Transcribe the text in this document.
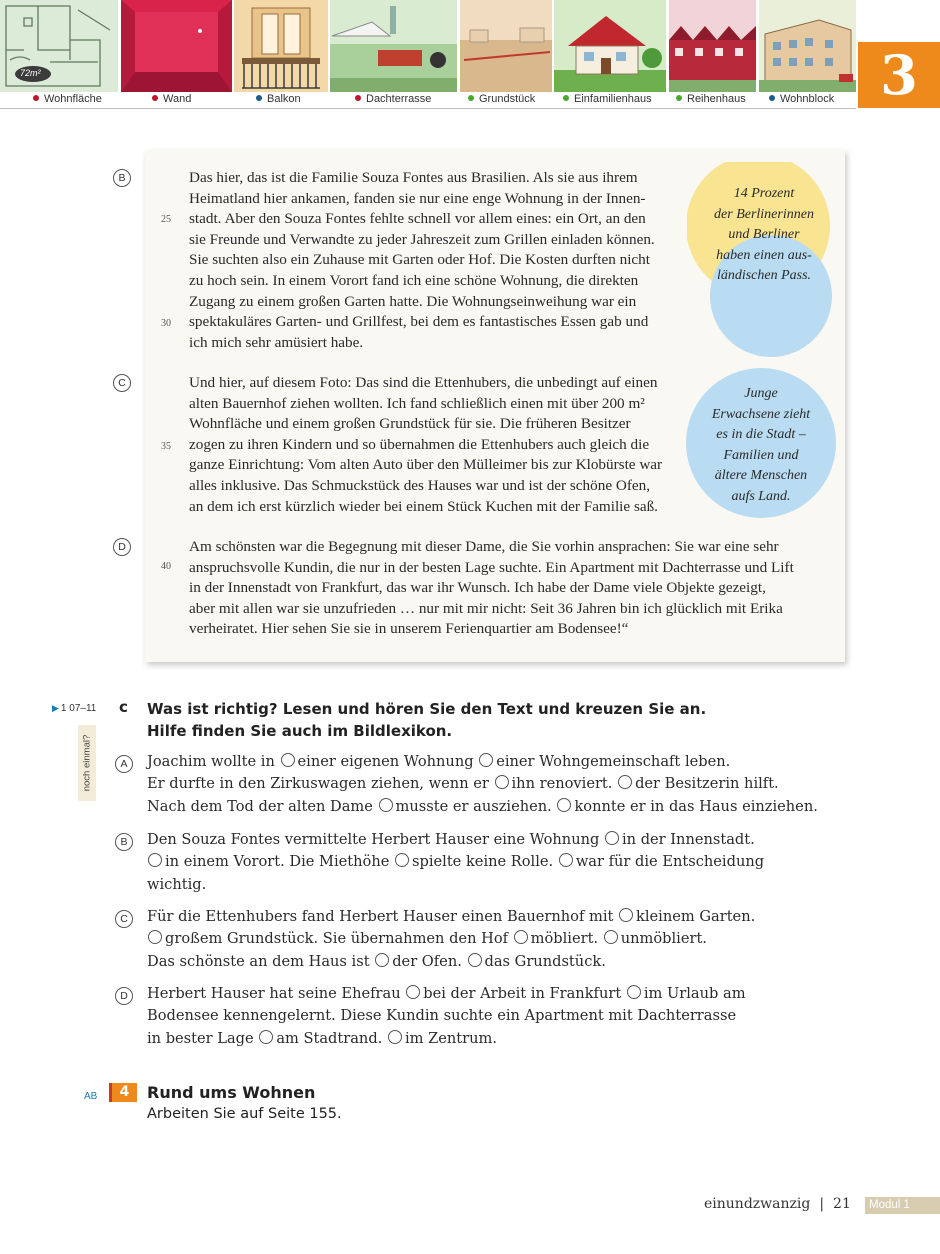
72m²
Wohnfläche	Wand	Balkon	Dachterrasse	Grundstück	Einfamilienhaus	Reihenhaus	Wohnblock 3
B
C
D
14 Prozent
der Berlinerinnen
und Berliner
haben einen aus-
ländischen Pass.
Junge
Erwachsene zieht
es in die Stadt –
Familien und
ältere Menschen
aufs Land.
25
30
35
40

Das hier, das ist die Familie Souza Fontes aus Brasilien. Als sie aus ihrem

Heimatland hier ankamen, fanden sie nur eine enge Wohnung in der Innen-

stadt. Aber den Souza Fontes fehlte schnell vor allem eines: ein Ort, an den

sie Freunde und Verwandte zu jeder Jahreszeit zum Grillen einladen können.

Sie suchten also ein Zuhause mit Garten oder Hof. Die Kosten durften nicht

zu hoch sein. In einem Vorort fand ich eine schöne Wohnung, die direkten

Zugang zu einem großen Garten hatte. Die Wohnungseinweihung war ein

spektakuläres Garten- und Grillfest, bei dem es fantastisches Essen gab und

ich mich sehr amüsiert habe.

Und hier, auf diesem Foto: Das sind die Ettenhubers, die unbedingt auf einen

alten Bauernhof ziehen wollten. Ich fand schließlich einen mit über 200 m²

Wohnfläche und einem großen Grundstück für sie. Die früheren Besitzer

zogen zu ihren Kindern und so übernahmen die Ettenhubers auch gleich die

ganze Einrichtung: Vom alten Auto über den Mülleimer bis zur Klobürste war

alles inklusive. Das Schmuckstück des Hauses war und ist der schöne Ofen,

an dem ich erst kürzlich wieder bei einem Stück Kuchen mit der Familie saß.

Am schönsten war die Begegnung mit dieser Dame, die Sie vorhin ansprachen: Sie war eine sehr

anspruchsvolle Kundin, die nur in der besten Lage suchte. Ein Apartment mit Dachterrasse und Lift

in der Innenstadt von Frankfurt, das war ihr Wunsch. Ich habe der Dame viele Objekte gezeigt,

aber mit allen war sie unzufrieden … nur mit mir nicht: Seit 36 Jahren bin ich glücklich mit Erika

verheiratet. Hier sehen Sie sie in unserem Ferienquartier am Bodensee!“

▶ 1 07–11
noch einmal?
c Was ist richtig? Lesen und hören Sie den Text und kreuzen Sie an.
Hilfe finden Sie auch im Bildlexikon.
A	Joachim wollte in einer eigenen Wohnung einer Wohngemeinschaft leben.
Er durfte in den Zirkuswagen ziehen, wenn er ihn renoviert. der Besitzerin hilft.
Nach dem Tod der alten Dame musste er ausziehen. konnte er in das Haus einziehen.
B	Den Souza Fontes vermittelte Herbert Hauser eine Wohnung in der Innenstadt.
in einem Vorort. Die Miethöhe spielte keine Rolle. war für die Entscheidung
wichtig.
C	Für die Ettenhubers fand Herbert Hauser einen Bauernhof mit kleinem Garten.
großem Grundstück. Sie übernahmen den Hof möbliert. unmöbliert.
Das schönste an dem Haus ist der Ofen. das Grundstück.
D	Herbert Hauser hat seine Ehefrau bei der Arbeit in Frankfurt im Urlaub am
Bodensee kennengelernt. Diese Kundin suchte ein Apartment mit Dachterrasse
in bester Lage am Stadtrand. im Zentrum.
AB	4	Rund ums Wohnen
Arbeiten Sie auf Seite 155.
einundzwanzig | 21	Modul 1
